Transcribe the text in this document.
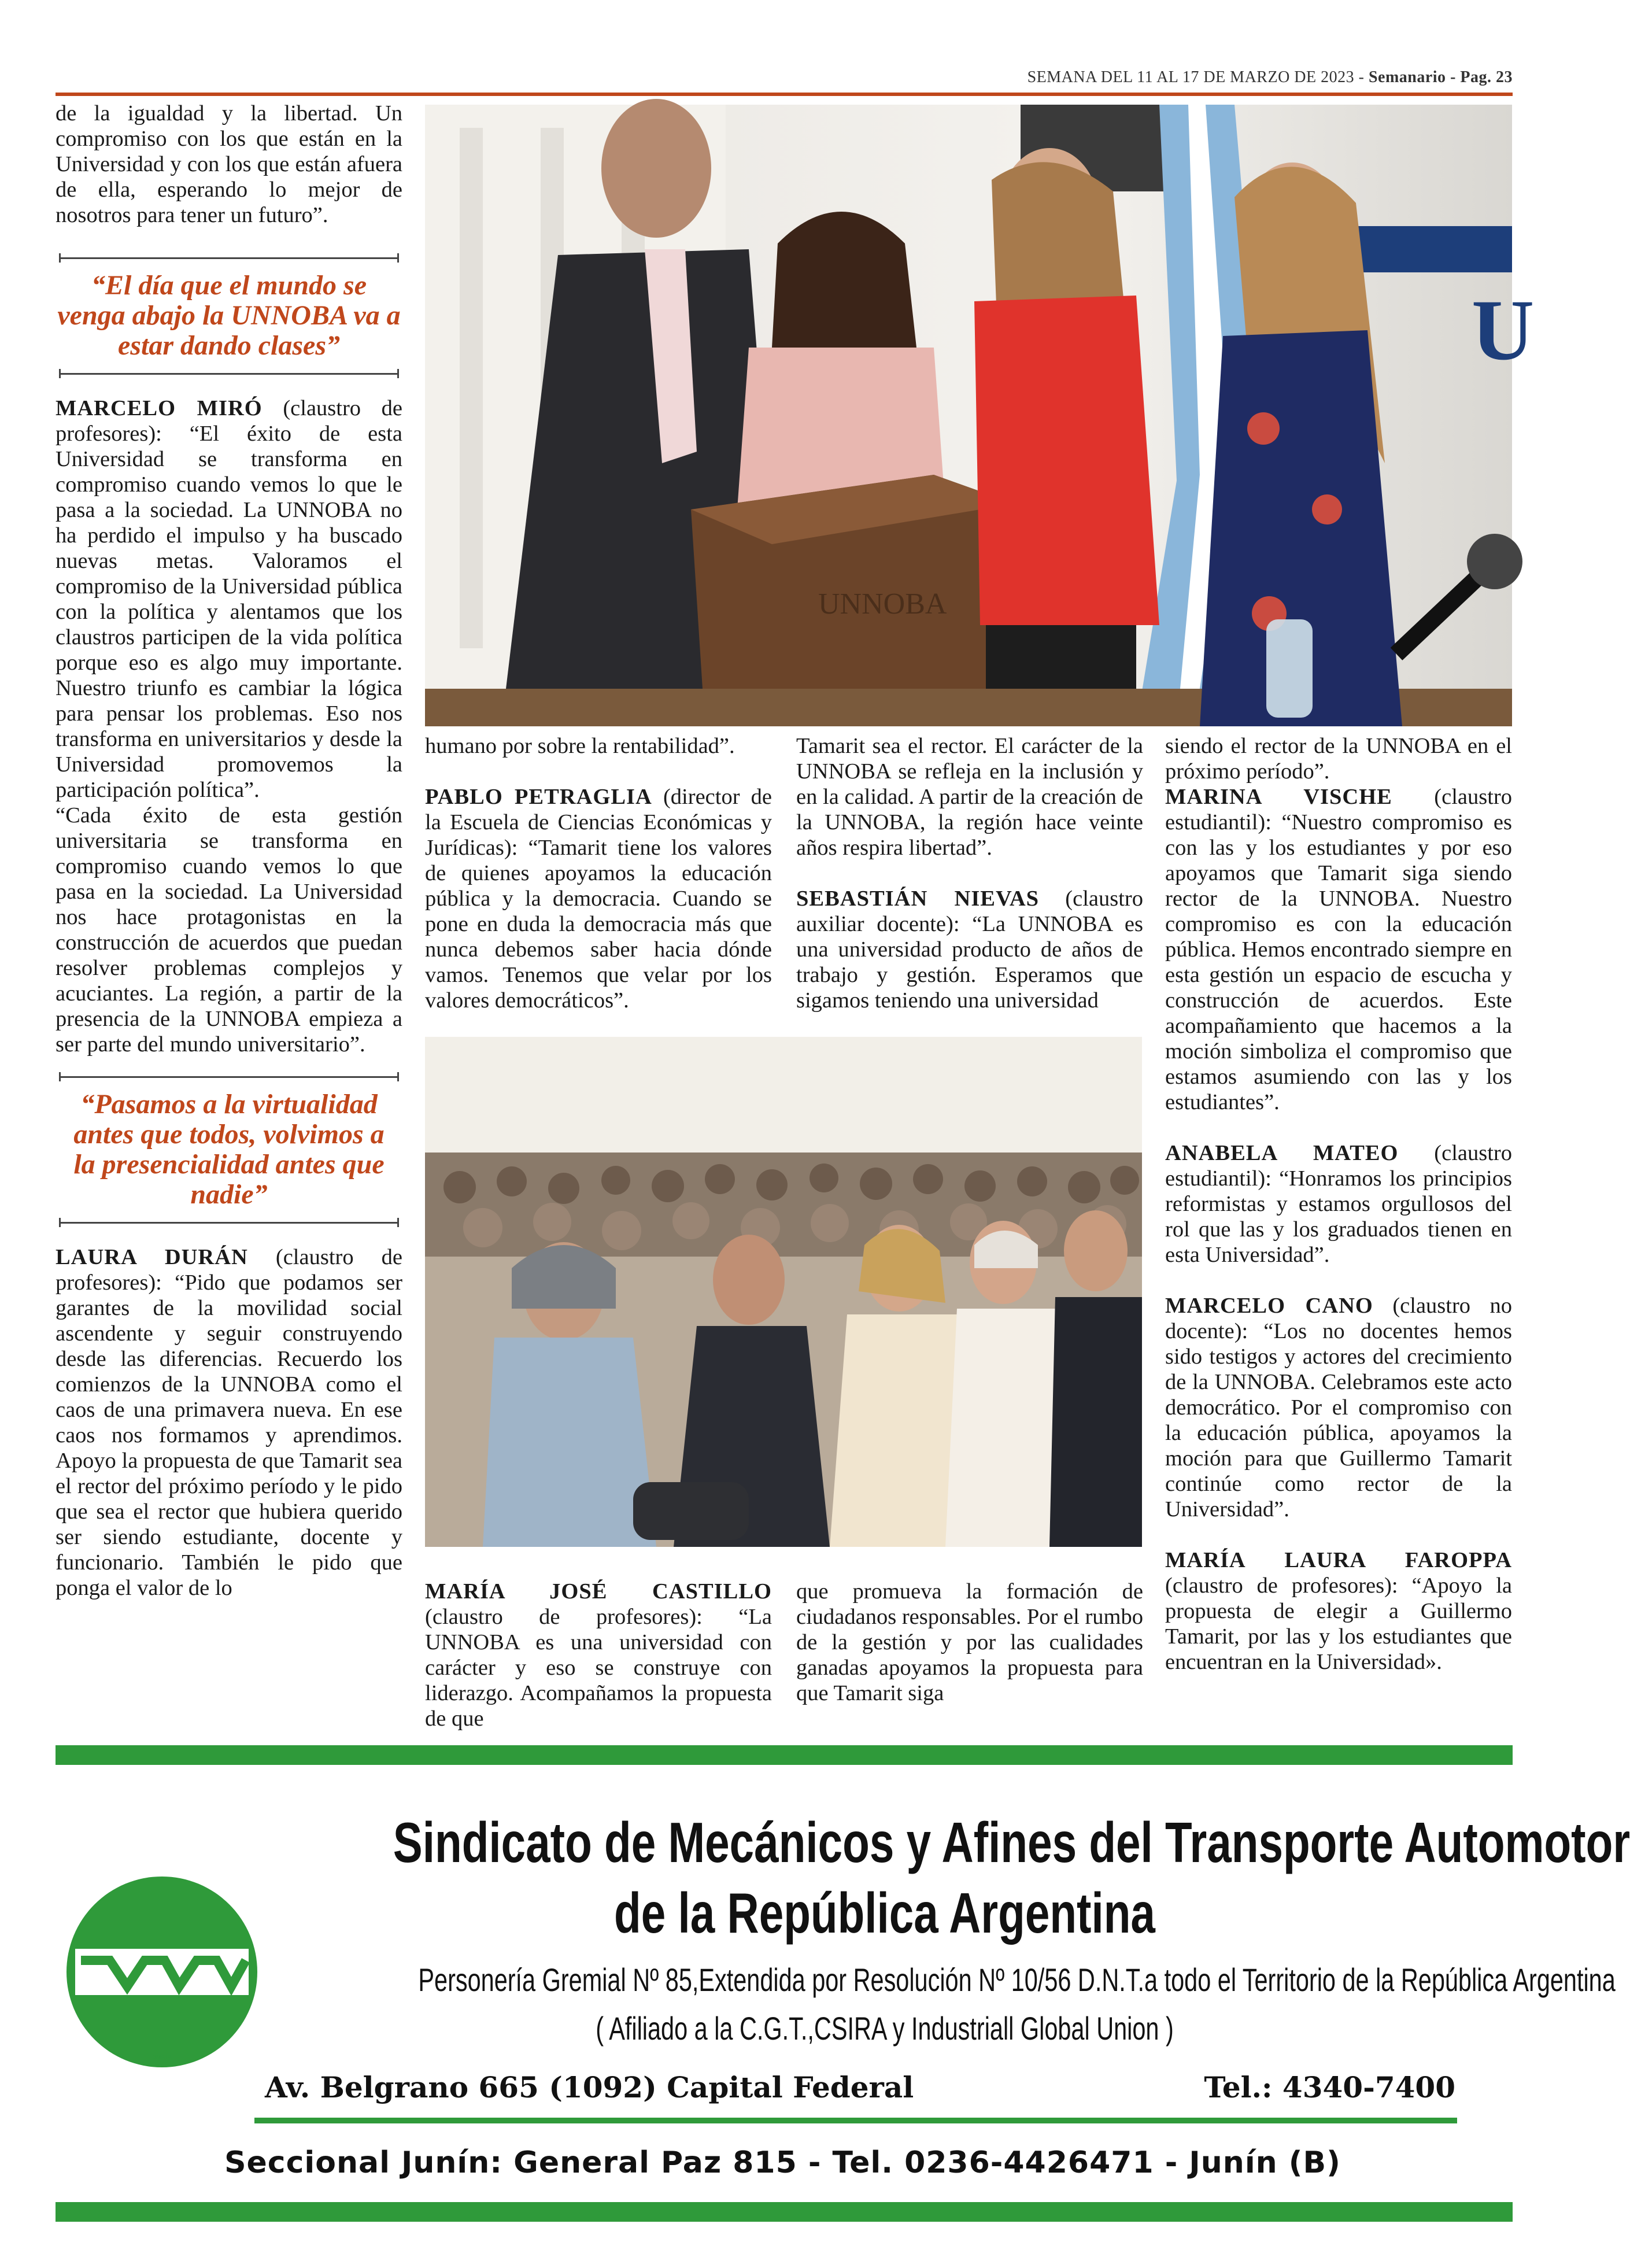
SEMANA DEL 11 AL 17 DE MARZO DE 2023 - Semanario - Pag. 23

de la igualdad y la libertad. Un compromiso con los que están en la Universidad y con los que están afuera de ella, esperando lo mejor de nosotros para tener un futuro”.

“El día que el mundo se venga abajo la UNNOBA va a estar dando clases”

MARCELO MIRÓ (claustro de profesores): “El éxito de esta Universidad se transforma en compromiso cuando vemos lo que le pasa a la sociedad. La UNNOBA no ha perdido el impulso y ha buscado nuevas metas. Valoramos el compromiso de la Universidad pública con la política y alentamos que los claustros participen de la vida política porque eso es algo muy importante. Nuestro triunfo es cambiar la lógica para pensar los problemas. Eso nos transforma en universitarios y desde la Universidad promovemos la participación política”.

“Cada éxito de esta gestión universitaria se transforma en compromiso cuando vemos lo que pasa en la sociedad. La Universidad nos hace protagonistas en la construcción de acuerdos que puedan resolver problemas complejos y acuciantes. La región, a partir de la presencia de la UNNOBA empieza a ser parte del mundo universitario”.

“Pasamos a la virtualidad antes que todos, volvimos a la presencialidad antes que nadie”

LAURA DURÁN (claustro de profesores): “Pido que podamos ser garantes de la movilidad social ascendente y seguir construyendo desde las diferencias. Recuerdo los comienzos de la UNNOBA como el caos de una primavera nueva. En ese caos nos formamos y aprendimos. Apoyo la propuesta de que Tamarit sea el rector del próximo período y le pido que sea el rector que hubiera querido ser siendo estudiante, docente y funcionario. También le pido que ponga el valor de lo

U
UNNOBA

humano por sobre la rentabilidad”.

PABLO PETRAGLIA (director de la Escuela de Ciencias Económicas y Jurídicas): “Tamarit tiene los valores de quienes apoyamos la educación pública y la democracia. Cuando se pone en duda la democracia más que nunca debemos saber hacia dónde vamos. Tenemos que velar por los valores democráticos”.

Tamarit sea el rector. El carácter de la UNNOBA se refleja en la inclusión y en la calidad. A partir de la creación de la UNNOBA, la región hace veinte años respira libertad”.

SEBASTIÁN NIEVAS (claustro auxiliar docente): “La UNNOBA es una universidad producto de años de trabajo y gestión. Esperamos que sigamos teniendo una universidad

MARÍA JOSÉ CASTILLO (claustro de profesores): “La UNNOBA es una universidad con carácter y eso se construye con liderazgo. Acompañamos la propuesta de que

que promueva la formación de ciudadanos responsables. Por el rumbo de la gestión y por las cualidades ganadas apoyamos la propuesta para que Tamarit siga

siendo el rector de la UNNOBA en el próximo período”.

MARINA VISCHE (claustro estudiantil): “Nuestro compromiso es con las y los estudiantes y por eso apoyamos que Tamarit siga siendo rector de la UNNOBA. Nuestro compromiso es con la educación pública. Hemos encontrado siempre en esta gestión un espacio de escucha y construcción de acuerdos. Este acompañamiento que hacemos a la moción simboliza el compromiso que estamos asumiendo con las y los estudiantes”.

ANABELA MATEO (claustro estudiantil): “Honramos los principios reformistas y estamos orgullosos del rol que las y los graduados tienen en esta Universidad”.

MARCELO CANO (claustro no docente): “Los no docentes hemos sido testigos y actores del crecimiento de la UNNOBA. Celebramos este acto democrático. Por el compromiso con la educación pública, apoyamos la moción para que Guillermo Tamarit continúe como rector de la Universidad”.

MARÍA LAURA FAROPPA (claustro de profesores): “Apoyo la propuesta de elegir a Guillermo Tamarit, por las y los estudiantes que encuentran en la Universidad».

SMATA
Sindicato de Mecánicos y Afines del Transporte Automotor
de la República Argentina
Personería Gremial Nº 85,Extendida por Resolución Nº 10/56 D.N.T.a todo el Territorio de la República Argentina
( Afiliado a la C.G.T.,CSIRA y Industriall Global Union )
Av. Belgrano 665 (1092) Capital Federal	Tel.: 4340-7400
Seccional Junín: General Paz 815 - Tel. 0236-4426471 - Junín (B)
